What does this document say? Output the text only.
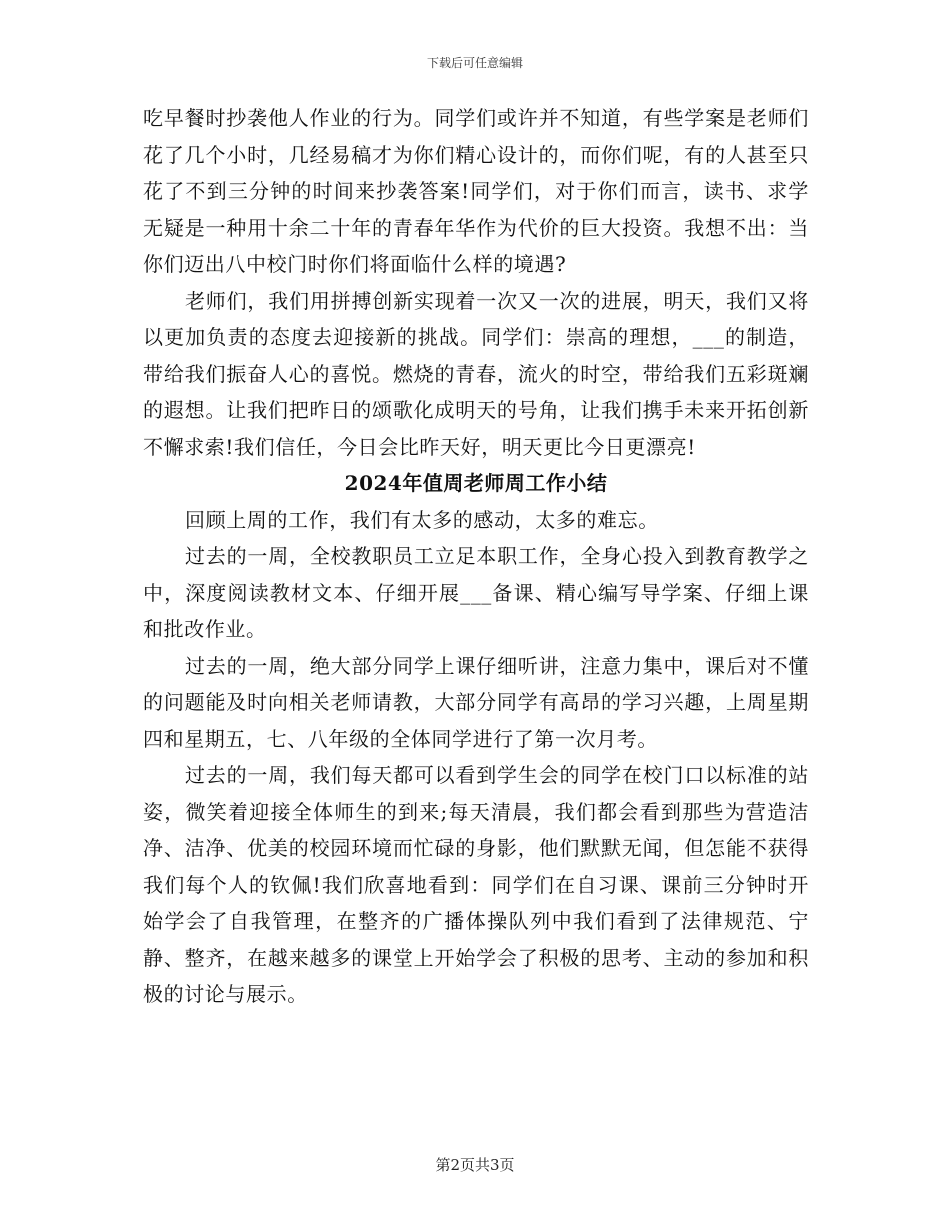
下载后可任意编辑

吃早餐时抄袭他人作业的行为。同学们或许并不知道，有些学案是老师们花了几个小时，几经易稿才为你们精心设计的，而你们呢，有的人甚至只花了不到三分钟的时间来抄袭答案!同学们，对于你们而言，读书、求学无疑是一种用十余二十年的青春年华作为代价的巨大投资。我想不出：当你们迈出八中校门时你们将面临什么样的境遇?

老师们，我们用拼搏创新实现着一次又一次的进展，明天，我们又将以更加负责的态度去迎接新的挑战。同学们：崇高的理想，___的制造，带给我们振奋人心的喜悦。燃烧的青春，流火的时空，带给我们五彩斑斓的遐想。让我们把昨日的颂歌化成明天的号角，让我们携手未来开拓创新不懈求索!我们信任，今日会比昨天好，明天更比今日更漂亮!

2024年值周老师周工作小结

回顾上周的工作，我们有太多的感动，太多的难忘。

过去的一周，全校教职员工立足本职工作，全身心投入到教育教学之中，深度阅读教材文本、仔细开展___备课、精心编写导学案、仔细上课和批改作业。

过去的一周，绝大部分同学上课仔细听讲，注意力集中，课后对不懂的问题能及时向相关老师请教，大部分同学有高昂的学习兴趣，上周星期四和星期五，七、八年级的全体同学进行了第一次月考。

过去的一周，我们每天都可以看到学生会的同学在校门口以标准的站姿，微笑着迎接全体师生的到来;每天清晨，我们都会看到那些为营造洁净、洁净、优美的校园环境而忙碌的身影，他们默默无闻，但怎能不获得我们每个人的钦佩!我们欣喜地看到：同学们在自习课、课前三分钟时开始学会了自我管理，在整齐的广播体操队列中我们看到了法律规范、宁静、整齐，在越来越多的课堂上开始学会了积极的思考、主动的参加和积极的讨论与展示。

第2页共3页
